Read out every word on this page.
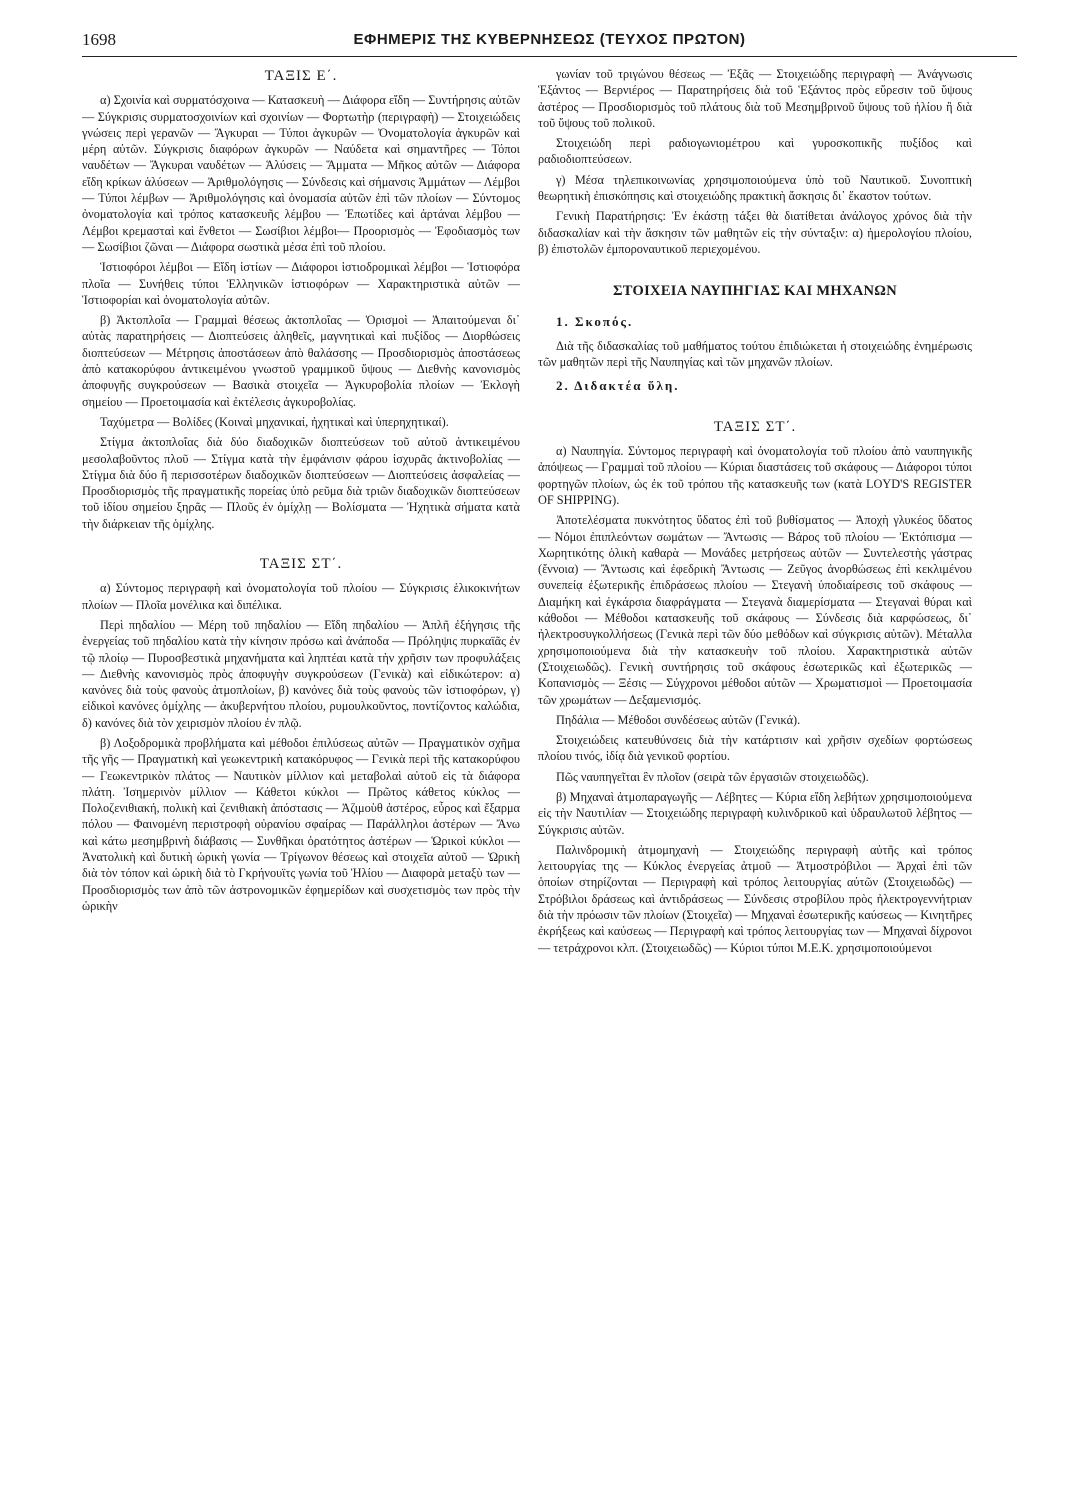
1698	ΕΦΗΜΕΡΙΣ ΤΗΣ ΚΥΒΕΡΝΗΣΕΩΣ (ΤΕΥΧΟΣ ΠΡΩΤΟΝ)
ΤΑΞΙΣ Ε΄.

α) Σχοινία καὶ συρματόσχοινα — Κατασκευὴ — Διάφορα εἴδη — Συντήρησις αὐτῶν — Σύγκρισις συρματοσχοινίων καὶ σχοινίων — Φορτωτὴρ (περιγραφὴ) — Στοιχειώδεις γνώσεις περὶ γερανῶν — Ἄγκυραι — Τύποι ἀγκυρῶν — Ὀνοματολογία ἀγκυρῶν καὶ μέρη αὐτῶν. Σύγκρισις διαφόρων ἀγκυρῶν — Ναύδετα καὶ σημαντῆρες — Τόποι ναυδέτων — Ἄγκυραι ναυδέτων — Ἁλύσεις — Ἅμματα — Μῆκος αὐτῶν — Διάφορα εἴδη κρίκων ἁλύσεων — Ἀριθμολόγησις — Σύνδεσις καὶ σήμανσις Ἁμμάτων — Λέμβοι — Τύποι λέμβων — Ἀριθμολόγησις καὶ ὀνομασία αὐτῶν ἐπὶ τῶν πλοίων — Σύντομος ὀνοματολογία καὶ τρόπος κατασκευῆς λέμβου — Ἐπωτίδες καὶ ἀρτάναι λέμβου — Λέμβοι κρεμασταὶ καὶ ἔνθετοι — Σωσίβιοι λέμβοι— Προορισμὸς — Ἐφοδιασμὸς των — Σωσίβιοι ζῶναι — Διάφορα σωστικὰ μέσα ἐπὶ τοῦ πλοίου.

Ἱστιοφόροι λέμβοι — Εἴδη ἱστίων — Διάφοροι ἱστιοδρομικαὶ λέμβοι — Ἱστιοφόρα πλοῖα — Συνήθεις τύποι Ἑλληνικῶν ἱστιοφόρων — Χαρακτηριστικὰ αὐτῶν — Ἱστιοφορίαι καὶ ὀνοματολογία αὐτῶν.

β) Ἀκτοπλοΐα — Γραμμαὶ θέσεως ἀκτοπλοΐας — Ὁρισμοὶ — Ἀπαιτούμεναι δι᾽ αὐτὰς παρατηρήσεις — Διοπτεύσεις ἀληθεῖς, μαγνητικαὶ καὶ πυξίδος — Διορθώσεις διοπτεύσεων — Μέτρησις ἀποστάσεων ἀπὸ θαλάσσης — Προσδιορισμὸς ἀποστάσεως ἀπὸ κατακορύφου ἀντικειμένου γνωστοῦ γραμμικοῦ ὕψους — Διεθνὴς κανονισμὸς ἀποφυγῆς συγκρούσεων — Βασικὰ στοιχεῖα — Ἀγκυροβολία πλοίων — Ἐκλογὴ σημείου — Προετοιμασία καὶ ἐκτέλεσις ἀγκυροβολίας.

Ταχύμετρα — Βολίδες (Κοιναὶ μηχανικαί, ἠχητικαὶ καὶ ὑπερηχητικαί).

Στίγμα ἀκτοπλοΐας διὰ δύο διαδοχικῶν διοπτεύσεων τοῦ αὐτοῦ ἀντικειμένου μεσολαβοῦντος πλοῦ — Στίγμα κατὰ τὴν ἐμφάνισιν φάρου ἰσχυρᾶς ἀκτινοβολίας — Στίγμα διὰ δύο ἢ περισσοτέρων διαδοχικῶν διοπτεύσεων — Διοπτεύσεις ἀσφαλείας — Προσδιορισμὸς τῆς πραγματικῆς πορείας ὑπὸ ρεῦμα διὰ τριῶν διαδοχικῶν διοπτεύσεων τοῦ ἰδίου σημείου ξηρᾶς — Πλοῦς ἐν ὁμίχλῃ — Βολίσματα — Ἠχητικὰ σήματα κατὰ τὴν διάρκειαν τῆς ὁμίχλης.

ΤΑΞΙΣ ΣΤ΄.

α) Σύντομος περιγραφὴ καὶ ὀνοματολογία τοῦ πλοίου — Σύγκρισις ἑλικοκινήτων πλοίων — Πλοῖα μονέλικα καὶ διπέλικα.

Περὶ πηδαλίου — Μέρη τοῦ πηδαλίου — Εἴδη πηδαλίου — Ἁπλῆ ἐξήγησις τῆς ἐνεργείας τοῦ πηδαλίου κατὰ τὴν κίνησιν πρόσω καὶ ἀνάποδα — Πρόληψις πυρκαϊᾶς ἐν τῷ πλοίῳ — Πυροσβεστικὰ μηχανήματα καὶ ληπτέαι κατὰ τὴν χρῆσιν των προφυλάξεις — Διεθνὴς κανονισμὸς πρὸς ἀποφυγὴν συγκρούσεων (Γενικὰ) καὶ εἰδικώτερον: α) κανόνες διὰ τοὺς φανοὺς ἀτμοπλοίων, β) κανόνες διὰ τοὺς φανοὺς τῶν ἱστιοφόρων, γ) εἰδικοὶ κανόνες ὁμίχλης — ἀκυβερνήτου πλοίου, ρυμουλκοῦντος, ποντίζοντος καλώδια, δ) κανόνες διὰ τὸν χειρισμὸν πλοίου ἐν πλῷ.

β) Λοξοδρομικὰ προβλήματα καὶ μέθοδοι ἐπιλύσεως αὐτῶν — Πραγματικὸν σχῆμα τῆς γῆς — Πραγματικὴ καὶ γεωκεντρικὴ κατακόρυφος — Γενικὰ περὶ τῆς κατακορύφου— Γεωκεντρικὸν πλάτος — Ναυτικὸν μίλλιον καὶ μεταβολαὶ αὐτοῦ εἰς τὰ διάφορα πλάτη. Ἰσημερινὸν μίλλιον — Κάθετοι κύκλοι — Πρῶτος κάθετος κύκλος — Πολοζενιθιακή, πολικὴ καὶ ζενιθιακὴ ἀπόστασις — Ἀζιμοὺθ ἀστέρος, εὖρος καὶ ἔξαρμα πόλου — Φαινομένη περιστροφὴ οὐρανίου σφαίρας — Παράλληλοι ἀστέρων — Ἄνω καὶ κάτω μεσημβρινὴ διάβασις — Συνθῆκαι ὁρατότητος ἀστέρων — Ὡρικοὶ κύκλοι — Ἀνατολικὴ καὶ δυτικὴ ὡρικὴ γωνία — Τρίγωνον θέσεως καὶ στοιχεῖα αὐτοῦ — Ὡρικὴ διὰ τὸν τόπον καὶ ὡρικὴ διὰ τὸ Γκρήνουϊτς γωνία τοῦ Ἡλίου — Διαφορὰ μεταξὺ των — Προσδιορισμὸς των ἀπὸ τῶν ἀστρονομικῶν ἐφημερίδων καὶ συσχετισμὸς των πρὸς τὴν ὡρικὴν

γωνίαν τοῦ τριγώνου θέσεως — Ἐξᾶς — Στοιχειώδης περιγραφὴ — Ἀνάγνωσις Ἑξάντος — Βερνιέρος — Παρατηρήσεις διὰ τοῦ Ἑξάντος πρὸς εὕρεσιν τοῦ ὕψους ἀστέρος — Προσδιορισμὸς τοῦ πλάτους διὰ τοῦ Μεσημβρινοῦ ὕψους τοῦ ἡλίου ἢ διὰ τοῦ ὕψους τοῦ πολικοῦ.

Στοιχειώδη περὶ ραδιογωνιομέτρου καὶ γυροσκοπικῆς πυξίδος καὶ ραδιοδιοπτεύσεων.

γ) Μέσα τηλεπικοινωνίας χρησιμοποιούμενα ὑπὸ τοῦ Ναυτικοῦ. Συνοπτικὴ θεωρητικὴ ἐπισκόπησις καὶ στοιχειώδης πρακτικὴ ἄσκησις δι᾽ ἕκαστον τούτων.

Γενικὴ Παρατήρησις: Ἐν ἑκάστῃ τάξει θὰ διατίθεται ἀνάλογος χρόνος διὰ τὴν διδασκαλίαν καὶ τὴν ἄσκησιν τῶν μαθητῶν εἰς τὴν σύνταξιν: α) ἡμερολογίου πλοίου, β) ἐπιστολῶν ἐμποροναυτικοῦ περιεχομένου.

ΣΤΟΙΧΕΙΑ ΝΑΥΠΗΓΙΑΣ ΚΑΙ ΜΗΧΑΝΩΝ
1. Σκοπός.

Διὰ τῆς διδασκαλίας τοῦ μαθήματος τούτου ἐπιδιώκεται ἡ στοιχειώδης ἐνημέρωσις τῶν μαθητῶν περὶ τῆς Ναυπηγίας καὶ τῶν μηχανῶν πλοίων.

2. Διδακτέα ὕλη.
ΤΑΞΙΣ ΣΤ΄.

α) Ναυπηγία. Σύντομος περιγραφὴ καὶ ὀνοματολογία τοῦ πλοίου ἀπὸ ναυπηγικῆς ἀπόψεως — Γραμμαὶ τοῦ πλοίου — Κύριαι διαστάσεις τοῦ σκάφους — Διάφοροι τύποι φορτηγῶν πλοίων, ὡς ἐκ τοῦ τρόπου τῆς κατασκευῆς των (κατὰ LOYD'S REGISTER OF SHIPPING).

Ἀποτελέσματα πυκνότητος ὕδατος ἐπὶ τοῦ βυθίσματος — Ἀποχὴ γλυκέος ὕδατος — Νόμοι ἐπιπλεόντων σωμάτων — Ἄντωσις — Βάρος τοῦ πλοίου — Ἐκτόπισμα — Χωρητικότης ὁλικὴ καθαρὰ — Μονάδες μετρήσεως αὐτῶν — Συντελεστὴς γάστρας (ἔννοια) — Ἄντωσις καὶ ἐφεδρικὴ Ἄντωσις — Ζεῦγος ἀνορθώσεως ἐπὶ κεκλιμένου συνεπείᾳ ἐξωτερικῆς ἐπιδράσεως πλοίου — Στεγανὴ ὑποδιαίρεσις τοῦ σκάφους — Διαμήκη καὶ ἐγκάρσια διαφράγματα — Στεγανὰ διαμερίσματα — Στεγαναὶ θύραι καὶ κάθοδοι — Μέθοδοι κατασκευῆς τοῦ σκάφους — Σύνδεσις διὰ καρφώσεως, δι᾽ ἠλεκτροσυγκολλήσεως (Γενικὰ περὶ τῶν δύο μεθόδων καὶ σύγκρισις αὐτῶν). Μέταλλα χρησιμοποιούμενα διὰ τὴν κατασκευὴν τοῦ πλοίου. Χαρακτηριστικὰ αὐτῶν (Στοιχειωδῶς). Γενικὴ συντήρησις τοῦ σκάφους ἐσωτερικῶς καὶ ἐξωτερικῶς —Κοπανισμὸς — Ξέσις — Σύγχρονοι μέθοδοι αὐτῶν — Χρωματισμοὶ — Προετοιμασία τῶν χρωμάτων — Δεξαμενισμός.

Πηδάλια — Μέθοδοι συνδέσεως αὐτῶν (Γενικά).

Στοιχειώδεις κατευθύνσεις διὰ τὴν κατάρτισιν καὶ χρῆσιν σχεδίων φορτώσεως πλοίου τινός, ἰδίᾳ διὰ γενικοῦ φορτίου.

Πῶς ναυπηγεῖται ἓν πλοῖον (σειρὰ τῶν ἐργασιῶν στοιχειωδῶς).

β) Μηχαναὶ ἀτμοπαραγωγῆς — Λέβητες — Κύρια εἴδη λεβήτων χρησιμοποιούμενα εἰς τὴν Ναυτιλίαν — Στοιχειώδης περιγραφὴ κυλινδρικοῦ καὶ ὑδραυλωτοῦ λέβητος — Σύγκρισις αὐτῶν.

Παλινδρομικὴ ἀτμομηχανὴ — Στοιχειώδης περιγραφὴ αὐτῆς καὶ τρόπος λειτουργίας της — Κύκλος ἐνεργείας ἀτμοῦ — Ἀτμοστρόβιλοι — Ἀρχαὶ ἐπὶ τῶν ὁποίων στηρίζονται — Περιγραφὴ καὶ τρόπος λειτουργίας αὐτῶν (Στοιχειωδῶς) — Στρόβιλοι δράσεως καὶ ἀντιδράσεως — Σύνδεσις στροβίλου πρὸς ἠλεκτρογεννήτριαν διὰ τὴν πρόωσιν τῶν πλοίων (Στοιχεῖα) — Μηχαναὶ ἐσωτερικῆς καύσεως — Κινητῆρες ἐκρήξεως καὶ καύσεως — Περιγραφὴ καὶ τρόπος λειτουργίας των — Μηχαναὶ δίχρονοι — τετράχρονοι κλπ. (Στοιχειωδῶς) — Κύριοι τύποι Μ.Ε.Κ. χρησιμοποιούμενοι
